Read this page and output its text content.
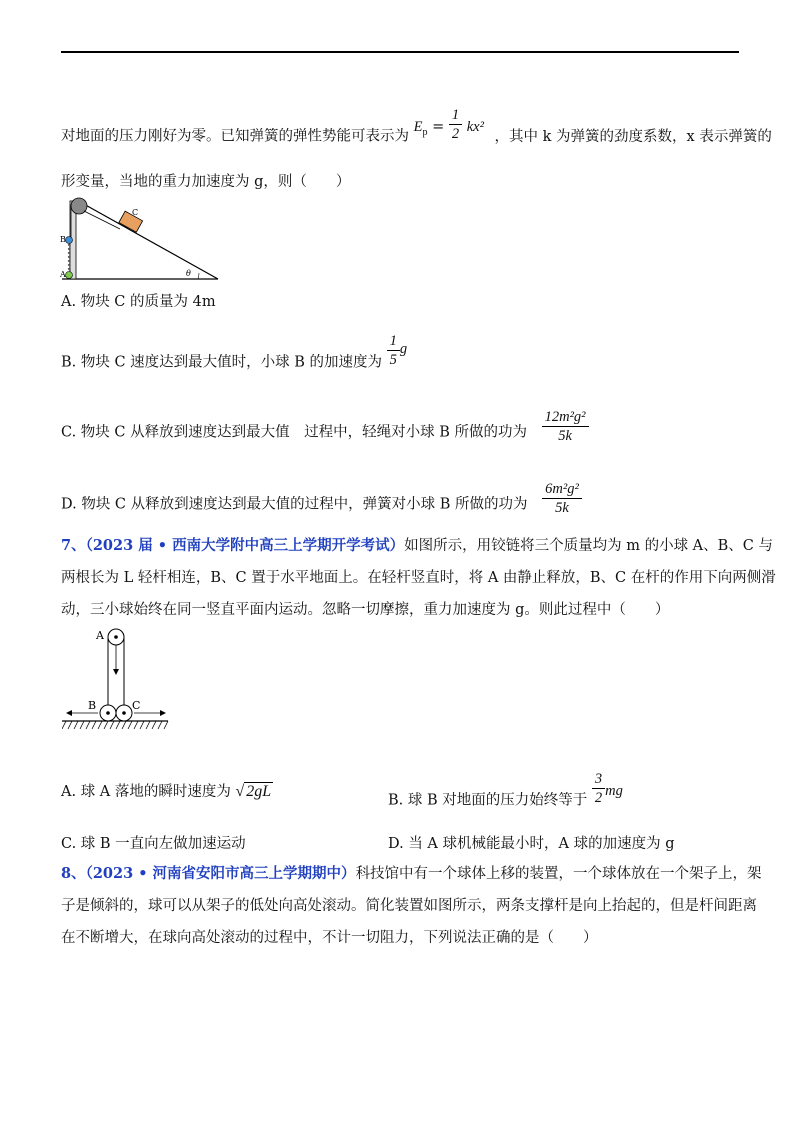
对地面的压力刚好为零。已知弹簧的弹性势能可表示为 $E_p = \frac{1}{2} kx^2$ ，其中 k 为弹簧的劲度系数，x 表示弹簧的
形变量，当地的重力加速度为 g，则（　　）
C
B
A	θ
A. 物块 C 的质量为 4m
B. 物块 C 速度达到最大值时，小球 B 的加速度为 $\frac{1}{5}$ g
C. 物块 C 从释放到速度达到最大值　过程中，轻绳对小球 B 所做的功为 $\frac{\text{12m²g²}}{5k}$
D. 物块 C 从释放到速度达到最大值的过程中，弹簧对小球 B 所做的功为 $\frac{\text{6m²g²}}{5k}$
7、（2023 届 • 西南大学附中高三上学期开学考试）如图所示，用铰链将三个质量均为 m 的小球 A、B、C 与
两根长为 L 轻杆相连，B、C 置于水平地面上。在轻杆竖直时，将 A 由静止释放，B、C 在杆的作用下向两侧滑
动，三小球始终在同一竖直平面内运动。忽略一切摩擦，重力加速度为 g。则此过程中（　　）
A
B	C
A. 球 A 落地的瞬时速度为 √ 2gL
B. 球 B 对地面的压力始终等于 $\frac{3}{2}$ mg
C. 球 B 一直向左做加速运动	D. 当 A 球机械能最小时，A 球的加速度为 g
8、（2023 • 河南省安阳市高三上学期期中）科技馆中有一个球体上移的装置，一个球体放在一个架子上，架
子是倾斜的，球可以从架子的低处向高处滚动。简化装置如图所示，两条支撑杆是向上抬起的，但是杆间距离
在不断增大，在球向高处滚动的过程中，不计一切阻力，下列说法正确的是（　　）
